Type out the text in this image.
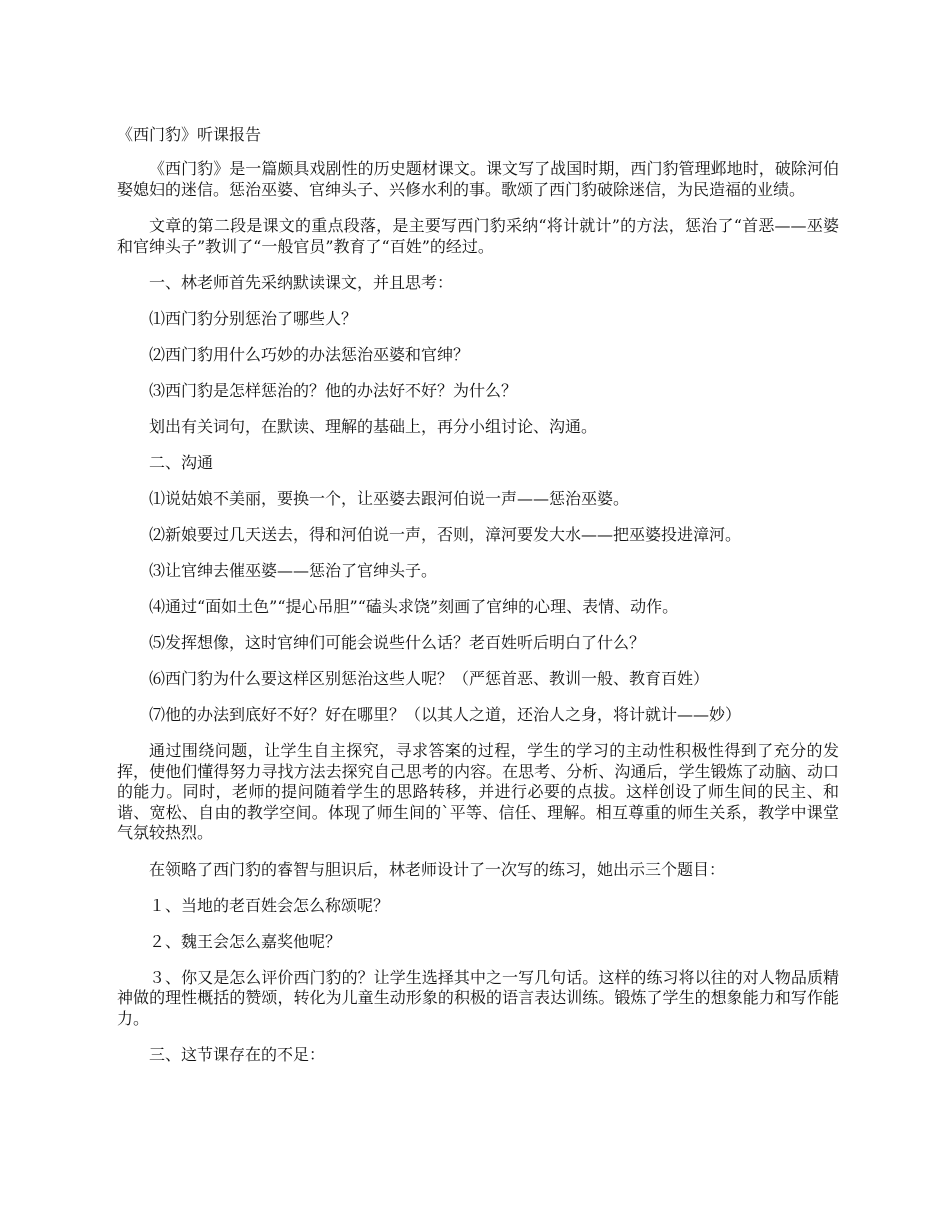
《西门豹》听课报告

《西门豹》是一篇颇具戏剧性的历史题材课文。课文写了战国时期，西门豹管理邺地时，破除河伯娶媳妇的迷信。惩治巫婆、官绅头子、兴修水利的事。歌颂了西门豹破除迷信，为民造福的业绩。

文章的第二段是课文的重点段落，是主要写西门豹采纳“将计就计”的方法，惩治了“首恶——巫婆和官绅头子”教训了“一般官员”教育了“百姓”的经过。

一、林老师首先采纳默读课文，并且思考：
⑴西门豹分别惩治了哪些人？
⑵西门豹用什么巧妙的办法惩治巫婆和官绅？
⑶西门豹是怎样惩治的？他的办法好不好？为什么？
划出有关词句，在默读、理解的基础上，再分小组讨论、沟通。
二、沟通
⑴说姑娘不美丽，要换一个，让巫婆去跟河伯说一声——惩治巫婆。
⑵新娘要过几天送去，得和河伯说一声，否则，漳河要发大水——把巫婆投进漳河。
⑶让官绅去催巫婆——惩治了官绅头子。
⑷通过“面如土色”“提心吊胆”“磕头求饶”刻画了官绅的心理、表情、动作。
⑸发挥想像，这时官绅们可能会说些什么话？老百姓听后明白了什么？
⑹西门豹为什么要这样区别惩治这些人呢？（严惩首恶、教训一般、教育百姓）
⑺他的办法到底好不好？好在哪里？（以其人之道，还治人之身，将计就计——妙）

通过围绕问题，让学生自主探究，寻求答案的过程，学生的学习的主动性积极性得到了充分的发挥，使他们懂得努力寻找方法去探究自己思考的内容。在思考、分析、沟通后，学生锻炼了动脑、动口的能力。同时，老师的提问随着学生的思路转移，并进行必要的点拔。这样创设了师生间的民主、和谐、宽松、自由的教学空间。体现了师生间的`平等、信任、理解。相互尊重的师生关系，教学中课堂气氛较热烈。

在领略了西门豹的睿智与胆识后，林老师设计了一次写的练习，她出示三个题目：
１、当地的老百姓会怎么称颂呢？
２、魏王会怎么嘉奖他呢？

３、你又是怎么评价西门豹的？让学生选择其中之一写几句话。这样的练习将以往的对人物品质精神做的理性概括的赞颂，转化为儿童生动形象的积极的语言表达训练。锻炼了学生的想象能力和写作能力。

三、这节课存在的不足：
